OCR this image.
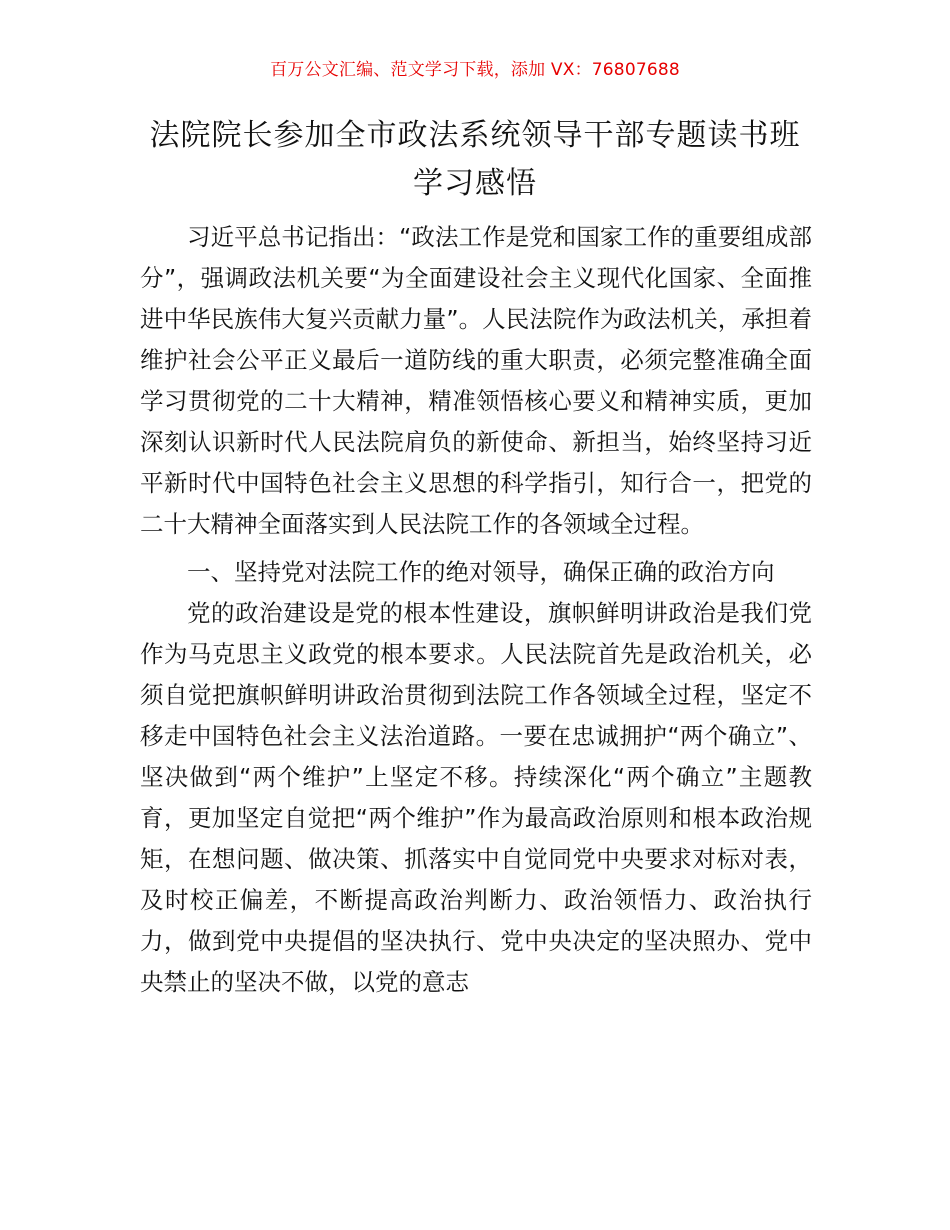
百万公文汇编、范文学习下载，添加 VX：76807688
法院院长参加全市政法系统领导干部专题读书班学习感悟

习近平总书记指出：“政法工作是党和国家工作的重要组成部分”，强调政法机关要“为全面建设社会主义现代化国家、全面推进中华民族伟大复兴贡献力量”。人民法院作为政法机关，承担着维护社会公平正义最后一道防线的重大职责，必须完整准确全面学习贯彻党的二十大精神，精准领悟核心要义和精神实质，更加深刻认识新时代人民法院肩负的新使命、新担当，始终坚持习近平新时代中国特色社会主义思想的科学指引，知行合一，把党的二十大精神全面落实到人民法院工作的各领域全过程。

一、坚持党对法院工作的绝对领导，确保正确的政治方向

党的政治建设是党的根本性建设，旗帜鲜明讲政治是我们党作为马克思主义政党的根本要求。人民法院首先是政治机关，必须自觉把旗帜鲜明讲政治贯彻到法院工作各领域全过程，坚定不移走中国特色社会主义法治道路。一要在忠诚拥护“两个确立”、坚决做到“两个维护”上坚定不移。持续深化“两个确立”主题教育，更加坚定自觉把“两个维护”作为最高政治原则和根本政治规矩，在想问题、做决策、抓落实中自觉同党中央要求对标对表，及时校正偏差，不断提高政治判断力、政治领悟力、政治执行力，做到党中央提倡的坚决执行、党中央决定的坚决照办、党中央禁止的坚决不做，以党的意志
